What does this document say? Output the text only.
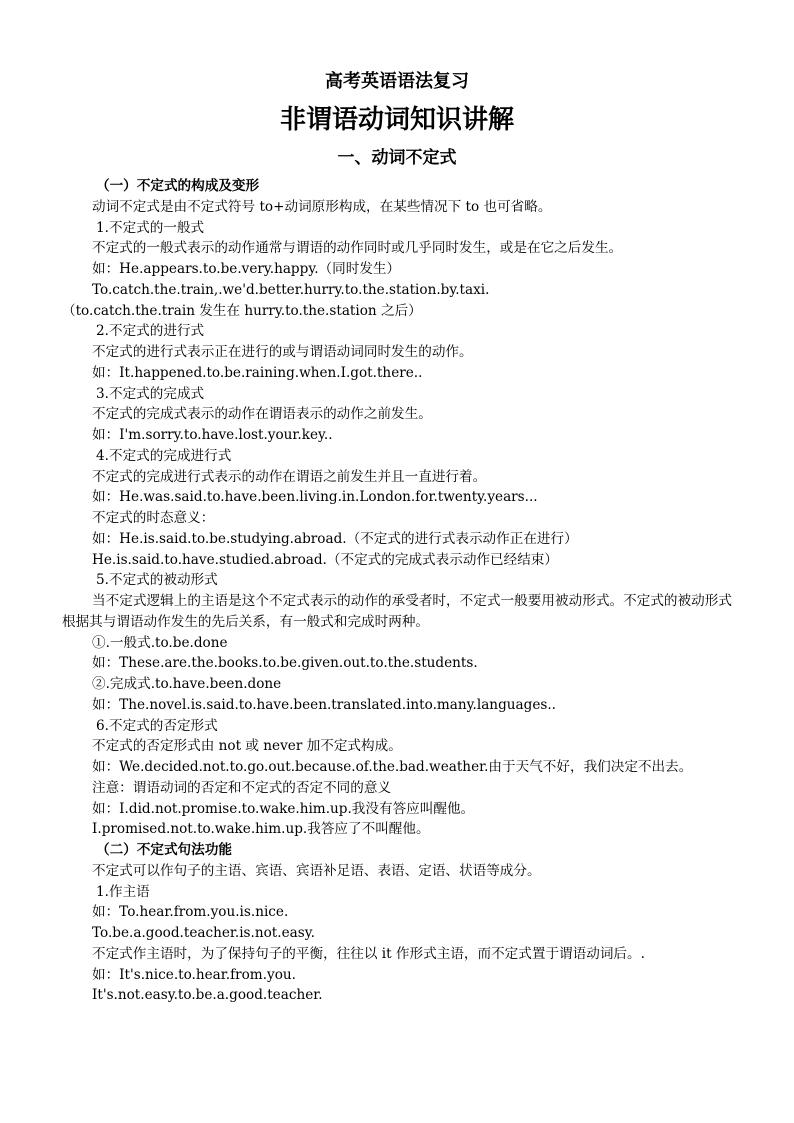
高考英语语法复习
非谓语动词知识讲解
一、动词不定式

（一）不定式的构成及变形

动词不定式是由不定式符号 to+动词原形构成，在某些情况下 to 也可省略。

1.不定式的一般式

不定式的一般式表示的动作通常与谓语的动作同时或几乎同时发生，或是在它之后发生。

如：He.appears.to.be.very.happy.（同时发生）

To.catch.the.train,.we'd.better.hurry.to.the.station.by.taxi.

（to.catch.the.train 发生在 hurry.to.the.station 之后）

2.不定式的进行式

不定式的进行式表示正在进行的或与谓语动词同时发生的动作。

如：It.happened.to.be.raining.when.I.got.there..

3.不定式的完成式

不定式的完成式表示的动作在谓语表示的动作之前发生。

如：I'm.sorry.to.have.lost.your.key..

4.不定式的完成进行式

不定式的完成进行式表示的动作在谓语之前发生并且一直进行着。

如：He.was.said.to.have.been.living.in.London.for.twenty.years...

不定式的时态意义：

如：He.is.said.to.be.studying.abroad.（不定式的进行式表示动作正在进行）

He.is.said.to.have.studied.abroad.（不定式的完成式表示动作已经结束）

5.不定式的被动形式

当不定式逻辑上的主语是这个不定式表示的动作的承受者时，不定式一般要用被动形式。不定式的被动形式根据其与谓语动作发生的先后关系，有一般式和完成时两种。

①.一般式.to.be.done

如：These.are.the.books.to.be.given.out.to.the.students.

②.完成式.to.have.been.done

如：The.novel.is.said.to.have.been.translated.into.many.languages..

6.不定式的否定形式

不定式的否定形式由 not 或 never 加不定式构成。

如：We.decided.not.to.go.out.because.of.the.bad.weather.由于天气不好，我们决定不出去。

注意：谓语动词的否定和不定式的否定不同的意义

如：I.did.not.promise.to.wake.him.up.我没有答应叫醒他。

I.promised.not.to.wake.him.up.我答应了不叫醒他。

（二）不定式句法功能

不定式可以作句子的主语、宾语、宾语补足语、表语、定语、状语等成分。

1.作主语

如：To.hear.from.you.is.nice.

To.be.a.good.teacher.is.not.easy.

不定式作主语时，为了保持句子的平衡，往往以 it 作形式主语，而不定式置于谓语动词后。.

如：It's.nice.to.hear.from.you.

It's.not.easy.to.be.a.good.teacher.
